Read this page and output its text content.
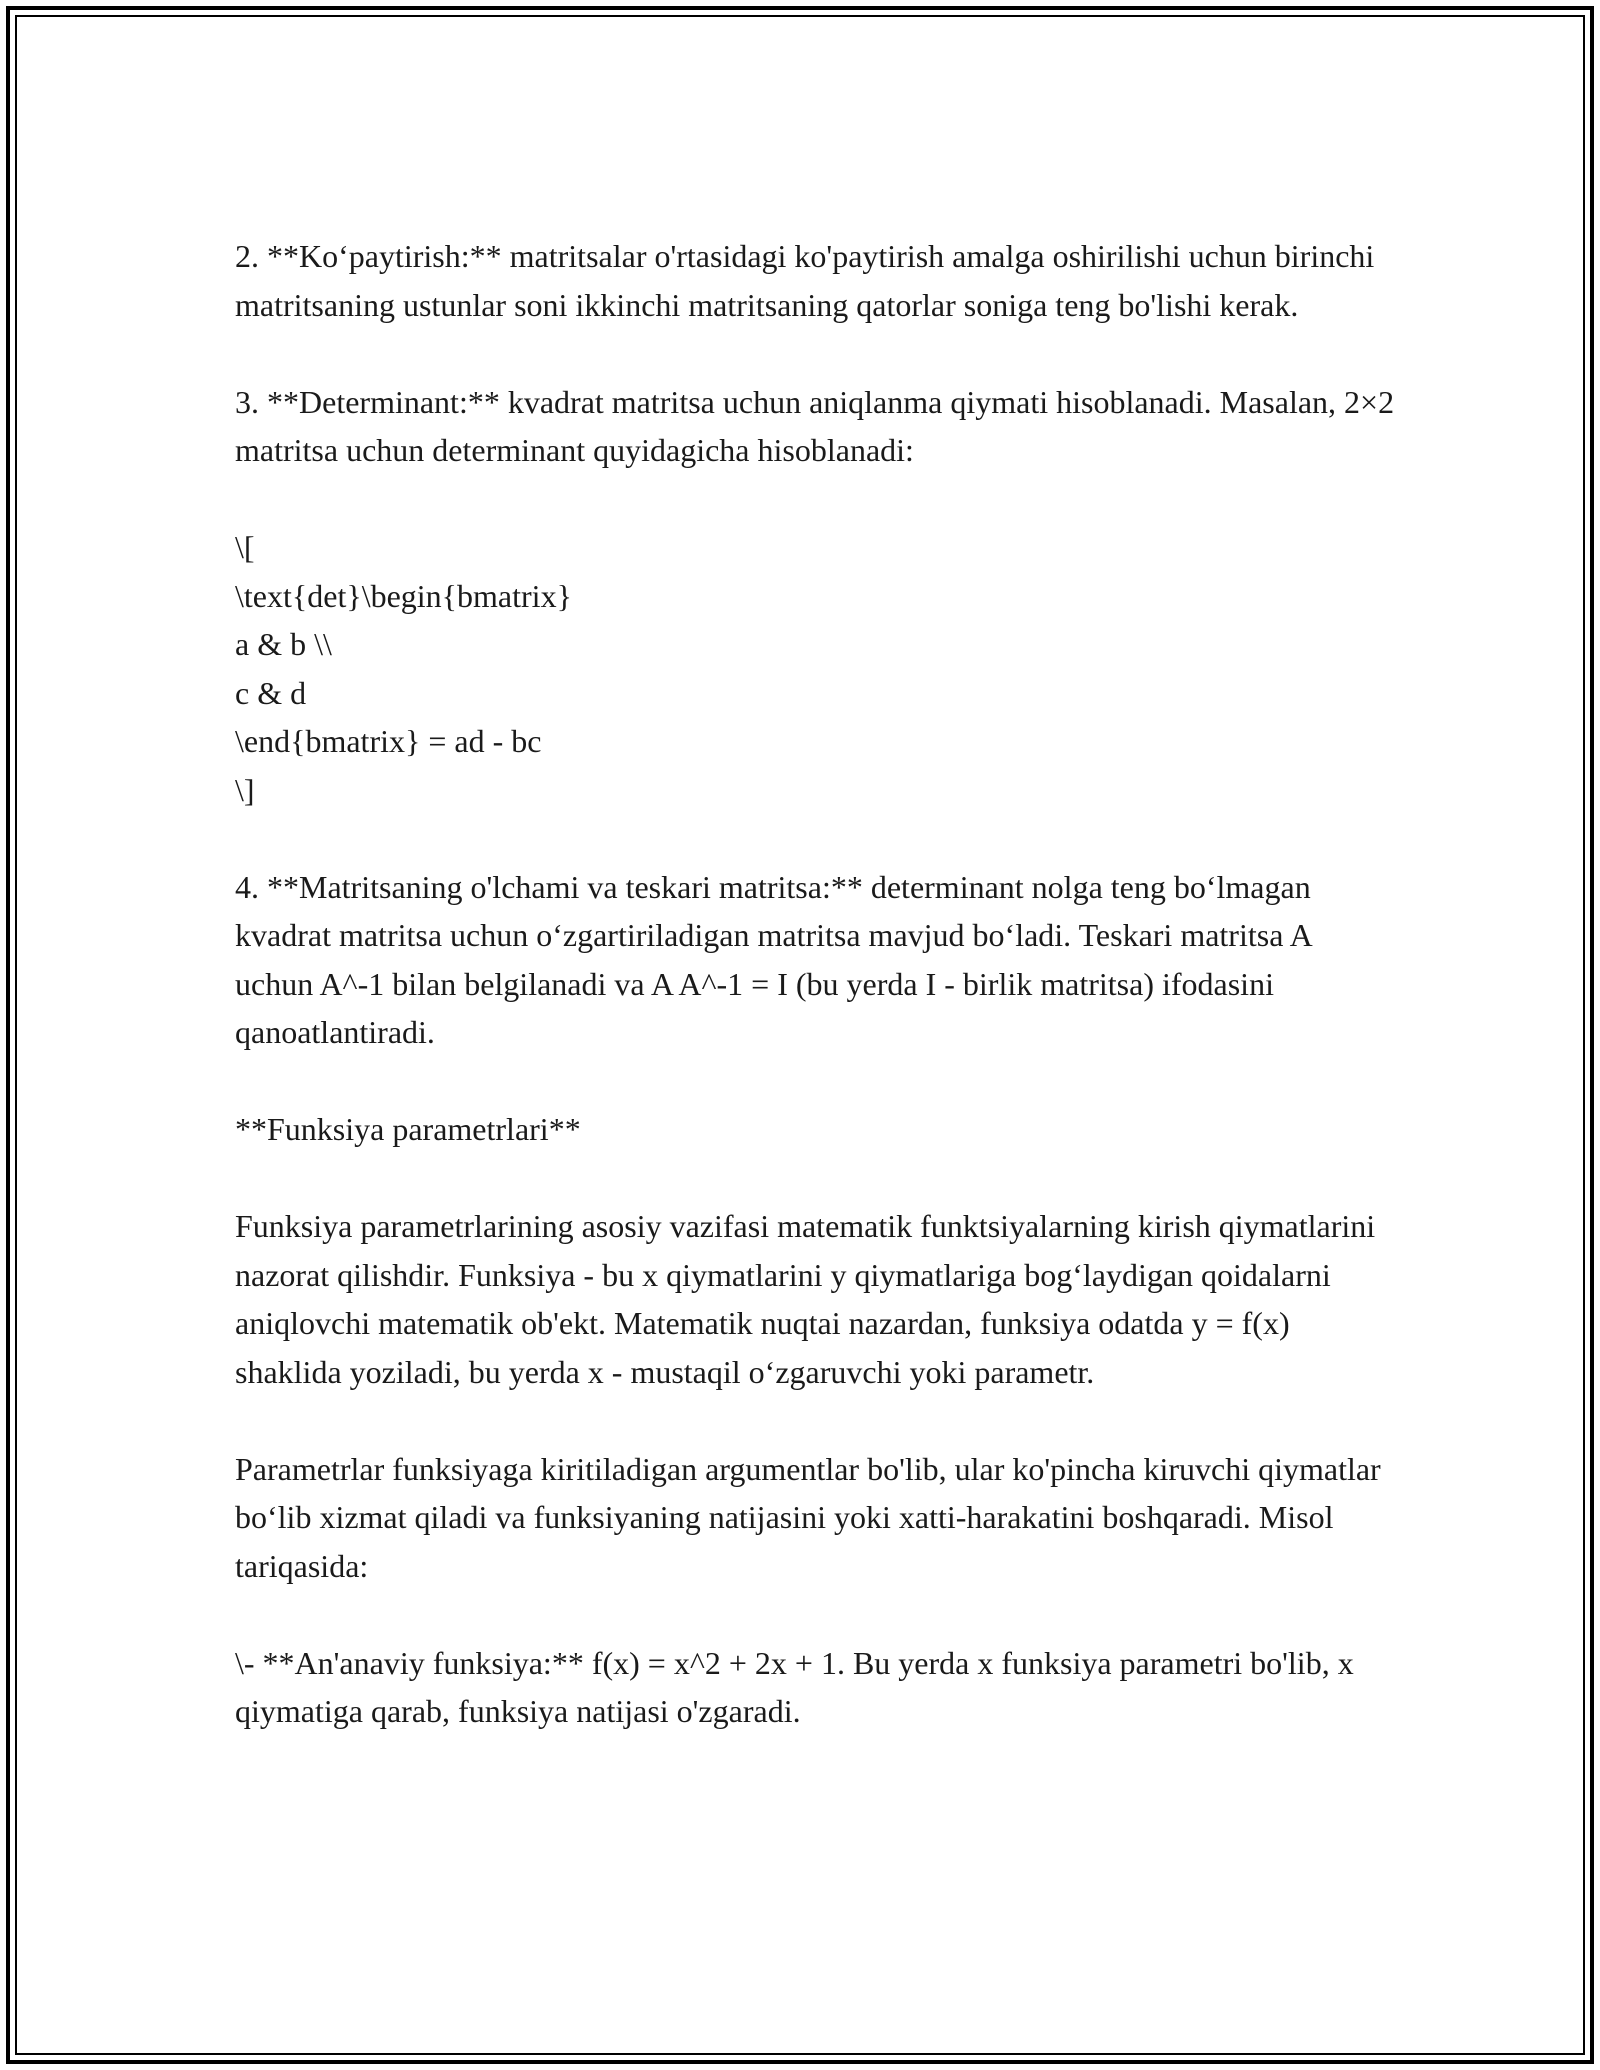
2. **Ko‘paytirish:** matritsalar o'rtasidagi ko'paytirish amalga oshirilishi uchun birinchi matritsaning ustunlar soni ikkinchi matritsaning qatorlar soniga teng bo'lishi kerak.

3. **Determinant:** kvadrat matritsa uchun aniqlanma qiymati hisoblanadi. Masalan, 2×2 matritsa uchun determinant quyidagicha hisoblanadi:

\[
\text{det}\begin{bmatrix}
a & b \\
c & d
\end{bmatrix} = ad - bc
\]

4. **Matritsaning o'lchami va teskari matritsa:** determinant nolga teng bo‘lmagan kvadrat matritsa uchun o‘zgartiriladigan matritsa mavjud bo‘ladi. Teskari matritsa A uchun A^-1 bilan belgilanadi va A A^-1 = I (bu yerda I - birlik matritsa) ifodasini qanoatlantiradi.

**Funksiya parametrlari**

Funksiya parametrlarining asosiy vazifasi matematik funktsiyalarning kirish qiymatlarini nazorat qilishdir. Funksiya - bu x qiymatlarini y qiymatlariga bog‘laydigan qoidalarni aniqlovchi matematik ob'ekt. Matematik nuqtai nazardan, funksiya odatda y = f(x) shaklida yoziladi, bu yerda x - mustaqil o‘zgaruvchi yoki parametr.

Parametrlar funksiyaga kiritiladigan argumentlar bo'lib, ular ko'pincha kiruvchi qiymatlar bo‘lib xizmat qiladi va funksiyaning natijasini yoki xatti-harakatini boshqaradi. Misol tariqasida:

\- **An'anaviy funksiya:** f(x) = x^2 + 2x + 1. Bu yerda x funksiya parametri bo'lib, x qiymatiga qarab, funksiya natijasi o'zgaradi.
